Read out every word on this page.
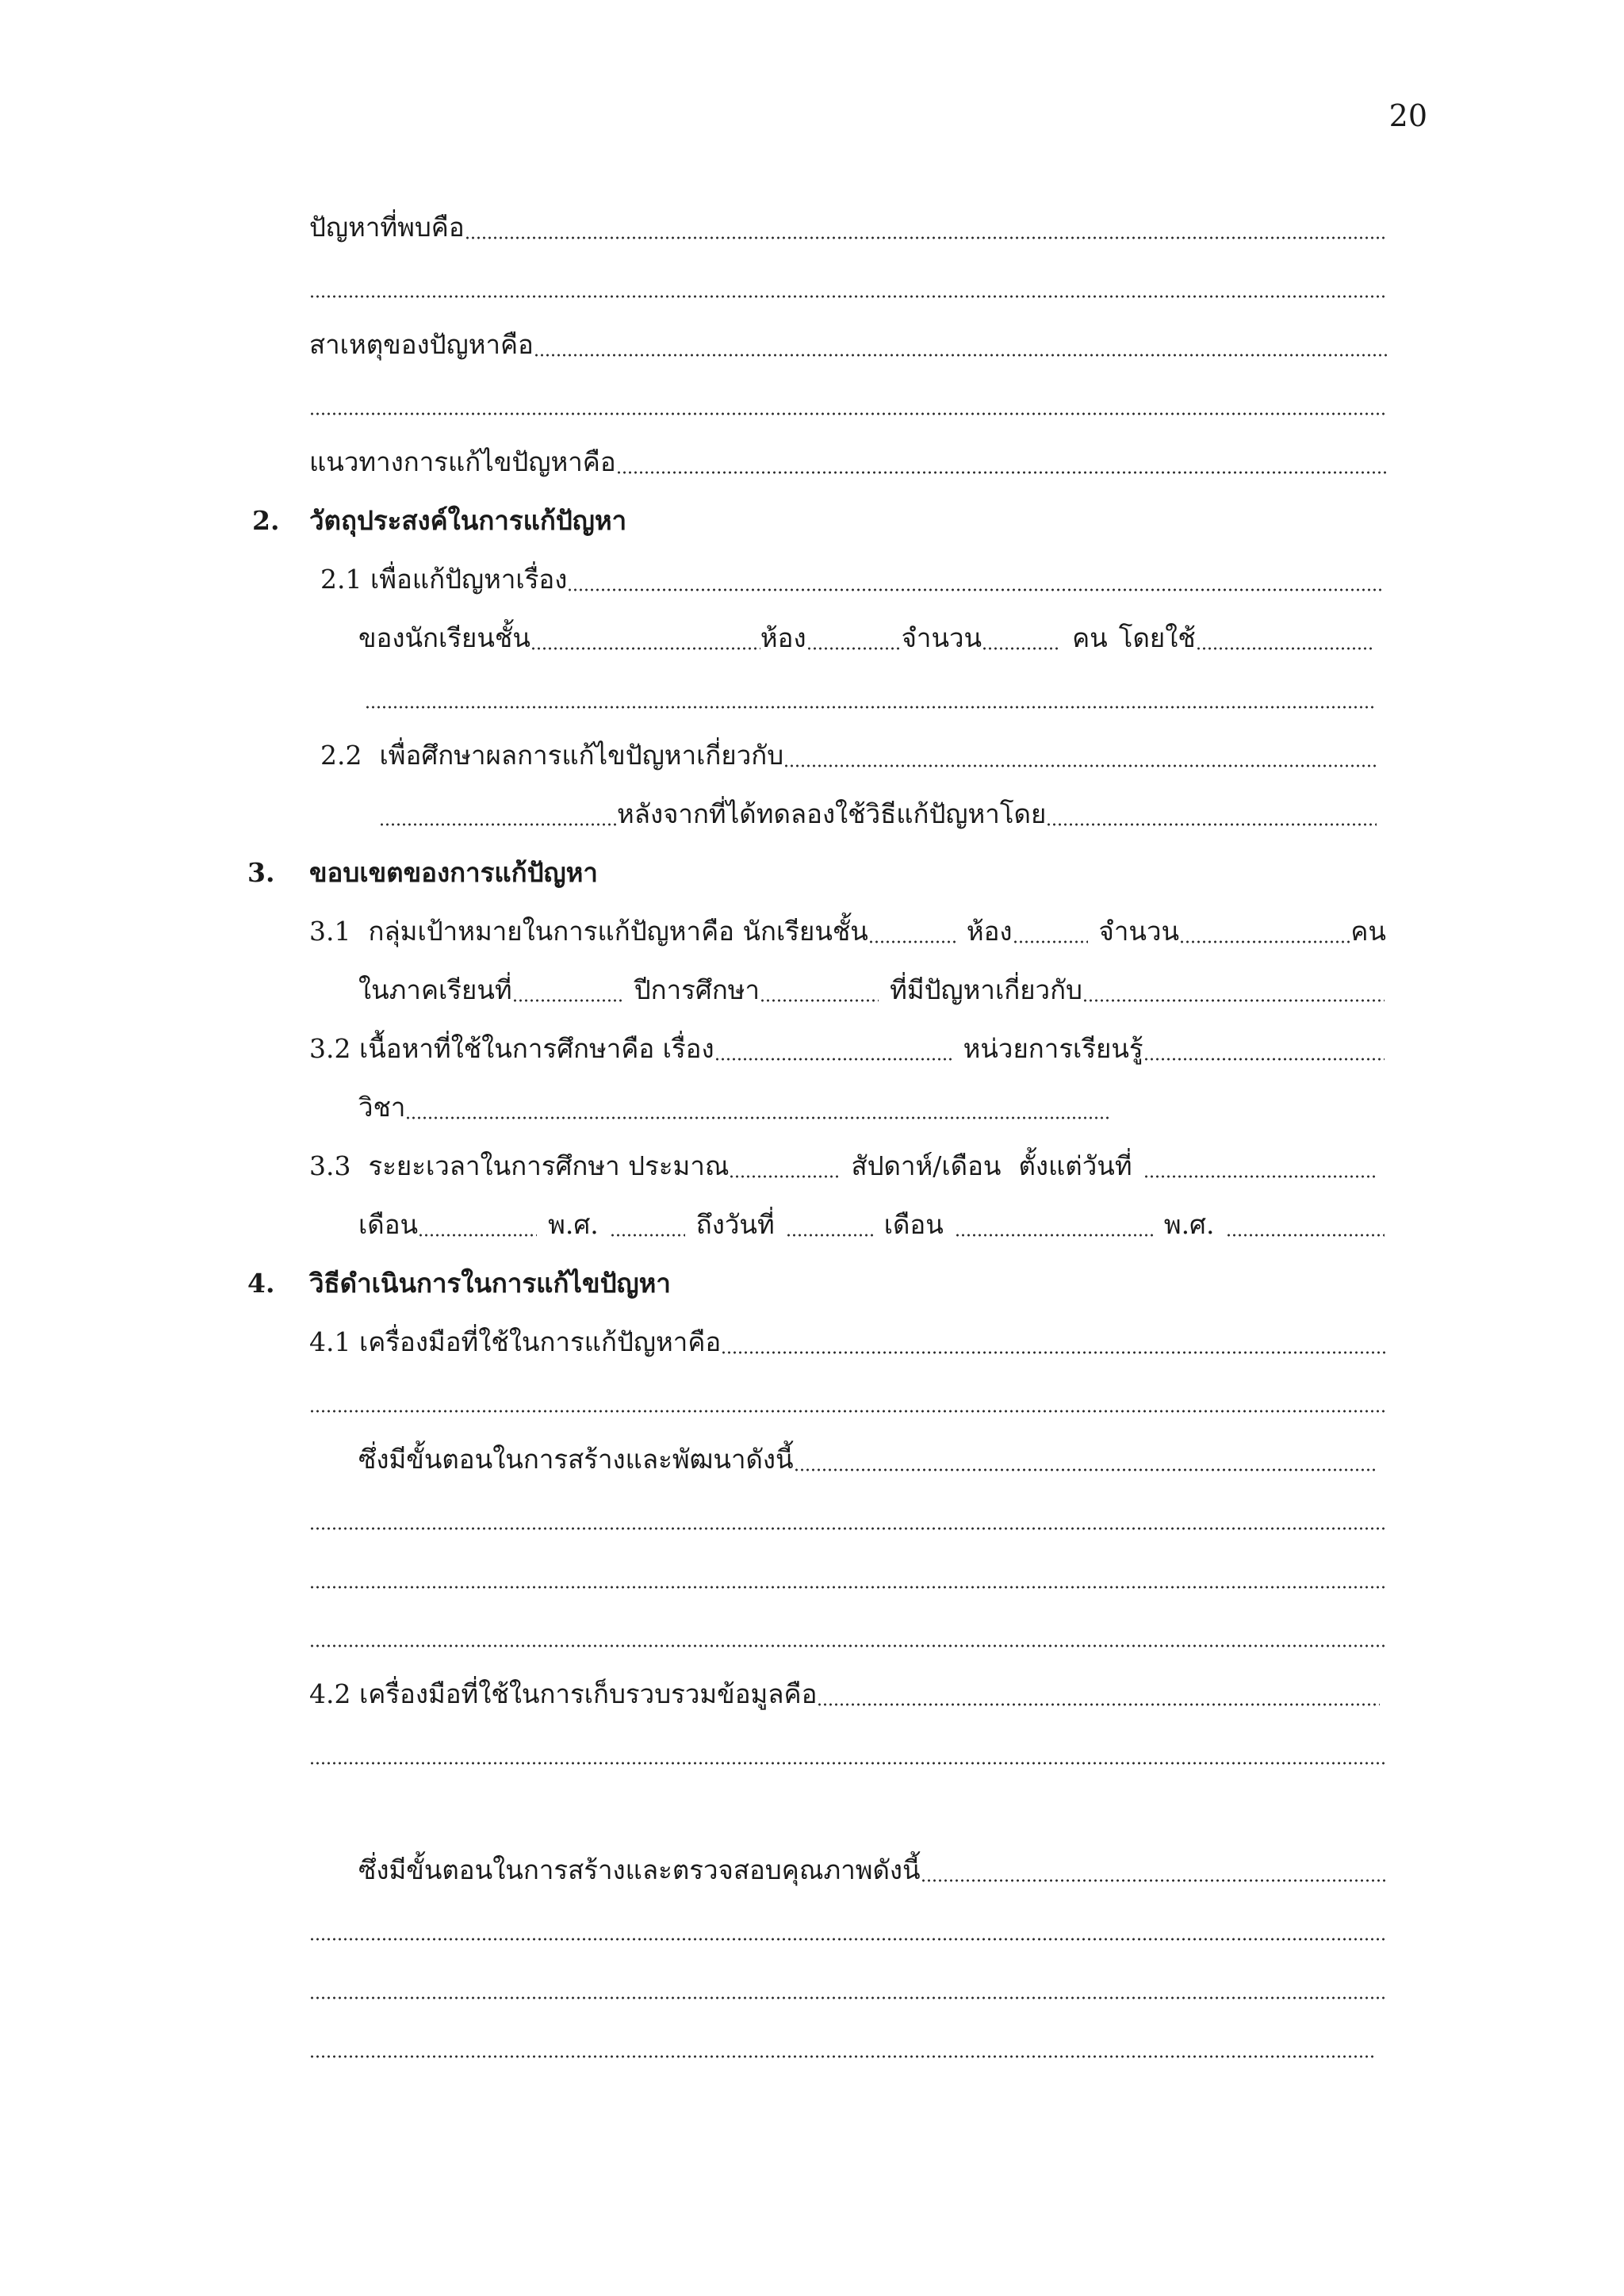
20
ปัญหาที่พบคือ
สาเหตุของปัญหาคือ
แนวทางการแก้ไขปัญหาคือ
2.	วัตถุประสงค์ในการแก้ปัญหา
2.1 เพื่อแก้ปัญหาเรื่อง
ของนักเรียนชั้น	ห้อง	จำนวน	คน โดยใช้
2.2 เพื่อศึกษาผลการแก้ไขปัญหาเกี่ยวกับ
หลังจากที่ได้ทดลองใช้วิธีแก้ปัญหาโดย
3.	ขอบเขตของการแก้ปัญหา
3.1 กลุ่มเป้าหมายในการแก้ปัญหาคือ นักเรียนชั้น	ห้อง	จำนวน	คน
ในภาคเรียนที่	ปีการศึกษา	ที่มีปัญหาเกี่ยวกับ
3.2 เนื้อหาที่ใช้ในการศึกษาคือ เรื่อง	หน่วยการเรียนรู้
วิชา
3.3 ระยะเวลาในการศึกษา ประมาณ	สัปดาห์/เดือน ตั้งแต่วันที่
เดือน	พ.ศ.	ถึงวันที่	เดือน	พ.ศ.
4.	วิธีดำเนินการในการแก้ไขปัญหา
4.1 เครื่องมือที่ใช้ในการแก้ปัญหาคือ
ซึ่งมีขั้นตอนในการสร้างและพัฒนาดังนี้
4.2 เครื่องมือที่ใช้ในการเก็บรวบรวมข้อมูลคือ
ซึ่งมีขั้นตอนในการสร้างและตรวจสอบคุณภาพดังนี้
